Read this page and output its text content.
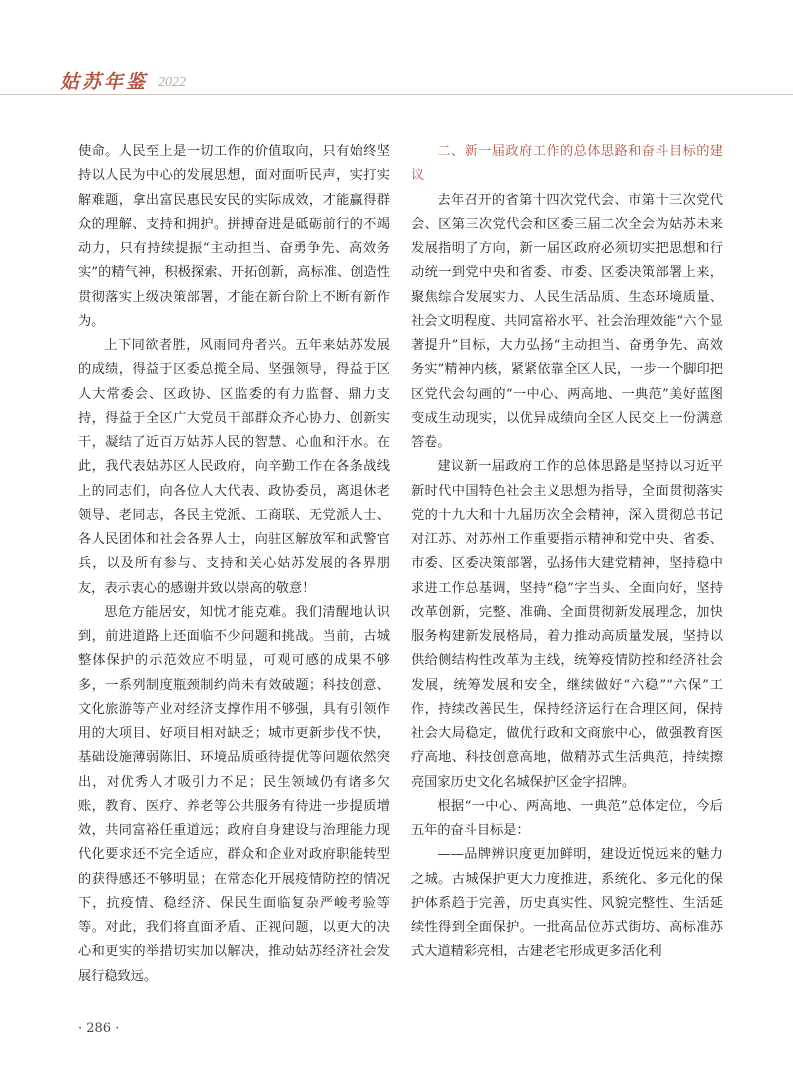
姑苏年鉴 2022

使命。人民至上是一切工作的价值取向，只有始终坚持以人民为中心的发展思想，面对面听民声，实打实解难题，拿出富民惠民安民的实际成效，才能赢得群众的理解、支持和拥护。拼搏奋进是砥砺前行的不竭动力，只有持续提振“主动担当、奋勇争先、高效务实”的精气神，积极探索、开拓创新，高标准、创造性贯彻落实上级决策部署，才能在新台阶上不断有新作为。

上下同欲者胜，风雨同舟者兴。五年来姑苏发展的成绩，得益于区委总揽全局、坚强领导，得益于区人大常委会、区政协、区监委的有力监督、鼎力支持，得益于全区广大党员干部群众齐心协力、创新实干，凝结了近百万姑苏人民的智慧、心血和汗水。在此，我代表姑苏区人民政府，向辛勤工作在各条战线上的同志们，向各位人大代表、政协委员，离退休老领导、老同志，各民主党派、工商联、无党派人士、各人民团体和社会各界人士，向驻区解放军和武警官兵，以及所有参与、支持和关心姑苏发展的各界朋友，表示衷心的感谢并致以崇高的敬意！

思危方能居安，知忧才能克难。我们清醒地认识到，前进道路上还面临不少问题和挑战。当前，古城整体保护的示范效应不明显，可观可感的成果不够多，一系列制度瓶颈制约尚未有效破题；科技创意、文化旅游等产业对经济支撑作用不够强，具有引领作用的大项目、好项目相对缺乏；城市更新步伐不快，基础设施薄弱陈旧、环境品质亟待提优等问题依然突出，对优秀人才吸引力不足；民生领域仍有诸多欠账，教育、医疗、养老等公共服务有待进一步提质增效，共同富裕任重道远；政府自身建设与治理能力现代化要求还不完全适应，群众和企业对政府职能转型的获得感还不够明显；在常态化开展疫情防控的情况下，抗疫情、稳经济、保民生面临复杂严峻考验等等。对此，我们将直面矛盾、正视问题，以更大的决心和更实的举措切实加以解决，推动姑苏经济社会发展行稳致远。

二、新一届政府工作的总体思路和奋斗目标的建议

去年召开的省第十四次党代会、市第十三次党代会、区第三次党代会和区委三届二次全会为姑苏未来发展指明了方向，新一届区政府必须切实把思想和行动统一到党中央和省委、市委、区委决策部署上来，聚焦综合发展实力、人民生活品质、生态环境质量、社会文明程度、共同富裕水平、社会治理效能“六个显著提升”目标，大力弘扬“主动担当、奋勇争先、高效务实”精神内核，紧紧依靠全区人民，一步一个脚印把区党代会勾画的“一中心、两高地、一典范”美好蓝图变成生动现实，以优异成绩向全区人民交上一份满意答卷。

建议新一届政府工作的总体思路是坚持以习近平新时代中国特色社会主义思想为指导，全面贯彻落实党的十九大和十九届历次全会精神，深入贯彻总书记对江苏、对苏州工作重要指示精神和党中央、省委、市委、区委决策部署，弘扬伟大建党精神，坚持稳中求进工作总基调，坚持“稳”字当头、全面向好，坚持改革创新，完整、准确、全面贯彻新发展理念，加快服务构建新发展格局，着力推动高质量发展，坚持以供给侧结构性改革为主线，统筹疫情防控和经济社会发展，统筹发展和安全，继续做好“六稳”“六保”工作，持续改善民生，保持经济运行在合理区间，保持社会大局稳定，做优行政和文商旅中心，做强教育医疗高地、科技创意高地，做精苏式生活典范，持续擦亮国家历史文化名城保护区金字招牌。

根据“一中心、两高地、一典范”总体定位，今后五年的奋斗目标是：

——品牌辨识度更加鲜明，建设近悦远来的魅力之城。古城保护更大力度推进，系统化、多元化的保护体系趋于完善，历史真实性、风貌完整性、生活延续性得到全面保护。一批高品位苏式街坊、高标准苏式大道精彩亮相，古建老宅形成更多活化利

· 286 ·
